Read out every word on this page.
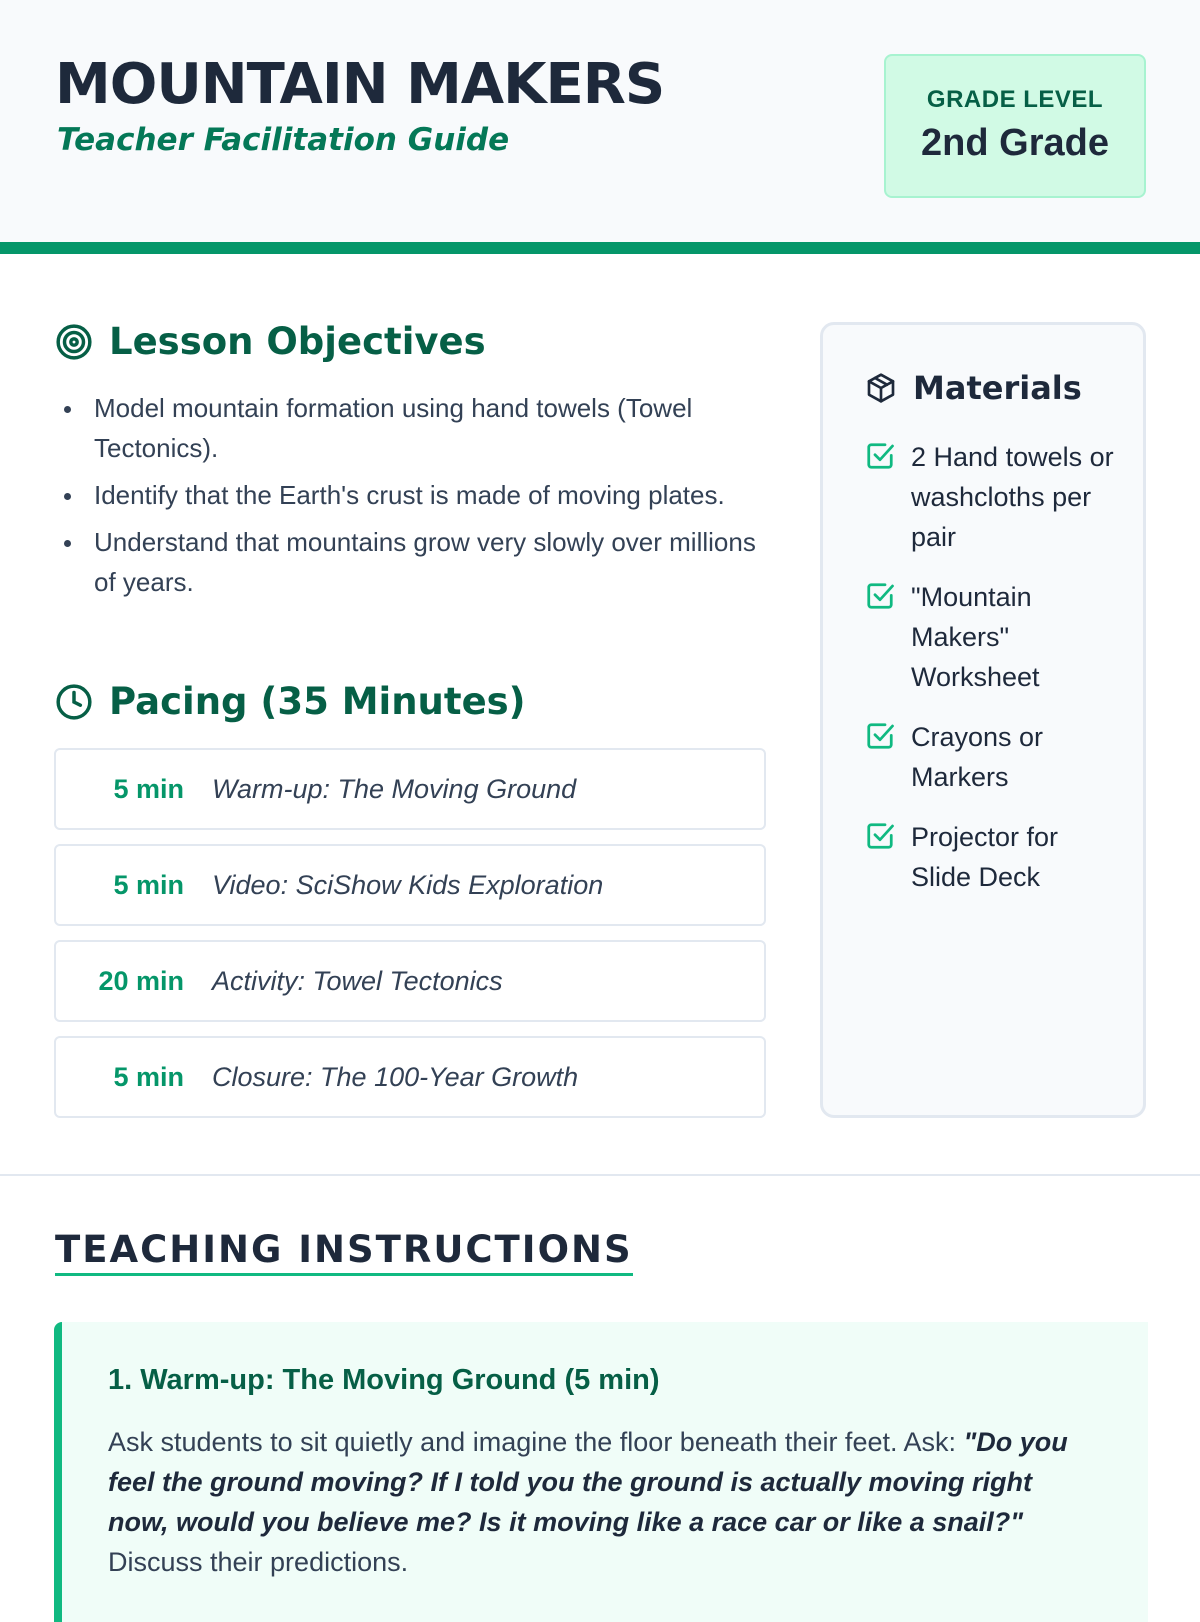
MOUNTAIN MAKERS
Teacher Facilitation Guide
GRADE LEVEL
2nd Grade
Lesson Objectives
Model mountain formation using hand towels (Towel Tectonics).
Identify that the Earth's crust is made of moving plates.
Understand that mountains grow very slowly over millions of years.
Pacing (35 Minutes)
5 min Warm-up: The Moving Ground
5 min Video: SciShow Kids Exploration
20 min Activity: Towel Tectonics
5 min Closure: The 100-Year Growth
Materials
2 Hand towels or washcloths per pair
"Mountain Makers" Worksheet
Crayons or Markers
Projector for Slide Deck
TEACHING INSTRUCTIONS
1. Warm-up: The Moving Ground (5 min)

Ask students to sit quietly and imagine the floor beneath their feet. Ask: "Do you feel the ground moving? If I told you the ground is actually moving right now, would you believe me? Is it moving like a race car or like a snail?" Discuss their predictions.
